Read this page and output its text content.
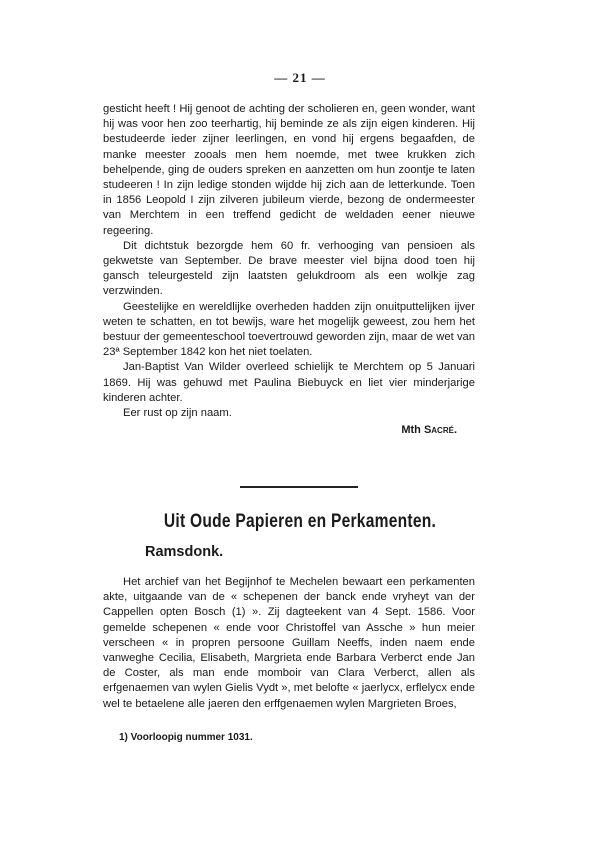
— 21 —

gesticht heeft ! Hij genoot de achting der scholieren en, geen wonder, want hij was voor hen zoo teerhartig, hij beminde ze als zijn eigen kinderen. Hij bestudeerde ieder zijner leerlingen, en vond hij ergens begaafden, de manke meester zooals men hem noemde, met twee krukken zich behelpende, ging de ouders spreken en aanzetten om hun zoontje te laten studeeren ! In zijn ledige stonden wijdde hij zich aan de letterkunde. Toen in 1856 Leopold I zijn zilveren jubileum vierde, bezong de ondermeester van Merchtem in een treffend gedicht de weldaden eener nieuwe regeering.

Dit dichtstuk bezorgde hem 60 fr. verhooging van pensioen als gekwetste van September. De brave meester viel bijna dood toen hij gansch teleurgesteld zijn laatsten gelukdroom als een wolkje zag verzwinden.

Geestelijke en wereldlijke overheden hadden zijn onuitputtelijken ijver weten te schatten, en tot bewijs, ware het mogelijk geweest, zou hem het bestuur der gemeenteschool toevertrouwd geworden zijn, maar de wet van 23ª September 1842 kon het niet toelaten.

Jan-Baptist Van Wilder overleed schielijk te Merchtem op 5 Januari 1869. Hij was gehuwd met Paulina Biebuyck en liet vier minderjarige kinderen achter.

Eer rust op zijn naam.

Mth Sacré.
Uit Oude Papieren en Perkamenten.
Ramsdonk.

Het archief van het Begijnhof te Mechelen bewaart een perkamenten akte, uitgaande van de « schepenen der banck ende vryheyt van der Cappellen opten Bosch (1) ». Zij dagteekent van 4 Sept. 1586. Voor gemelde schepenen « ende voor Christoffel van Assche » hun meier verscheen « in propren persoone Guillam Neeffs, inden naem ende vanweghe Cecilia, Elisabeth, Margrieta ende Barbara Verberct ende Jan de Coster, als man ende momboir van Clara Verberct, allen als erfgenaemen van wylen Gielis Vydt », met belofte « jaerlycx, erflelycx ende wel te betaelene alle jaeren den erffgenaemen wylen Margrieten Broes,

1) Voorloopig nummer 1031.
